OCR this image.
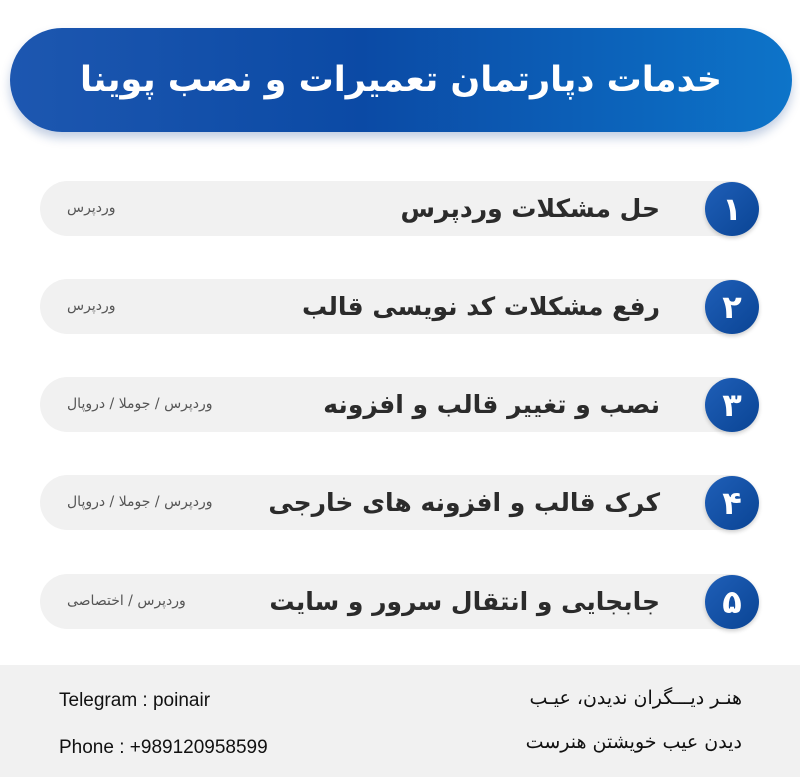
خدمات دپارتمان تعمیرات و نصب پوینا
حل مشکلات وردپرس
وردپرس	۱
رفع مشکلات کد نویسی قالب
وردپرس	۲
نصب و تغییر قالب و افزونه
وردپرس / جوملا / دروپال	۳
کرک قالب و افزونه های خارجی
وردپرس / جوملا / دروپال	۴
جابجایی و انتقال سرور و سایت
وردپرس / اختصاصی	۵
Telegram : poinair
Phone : +989120958599
هنـر دیـــگران ندیدن، عیـب
دیدن عیب خویشتن هنرست
